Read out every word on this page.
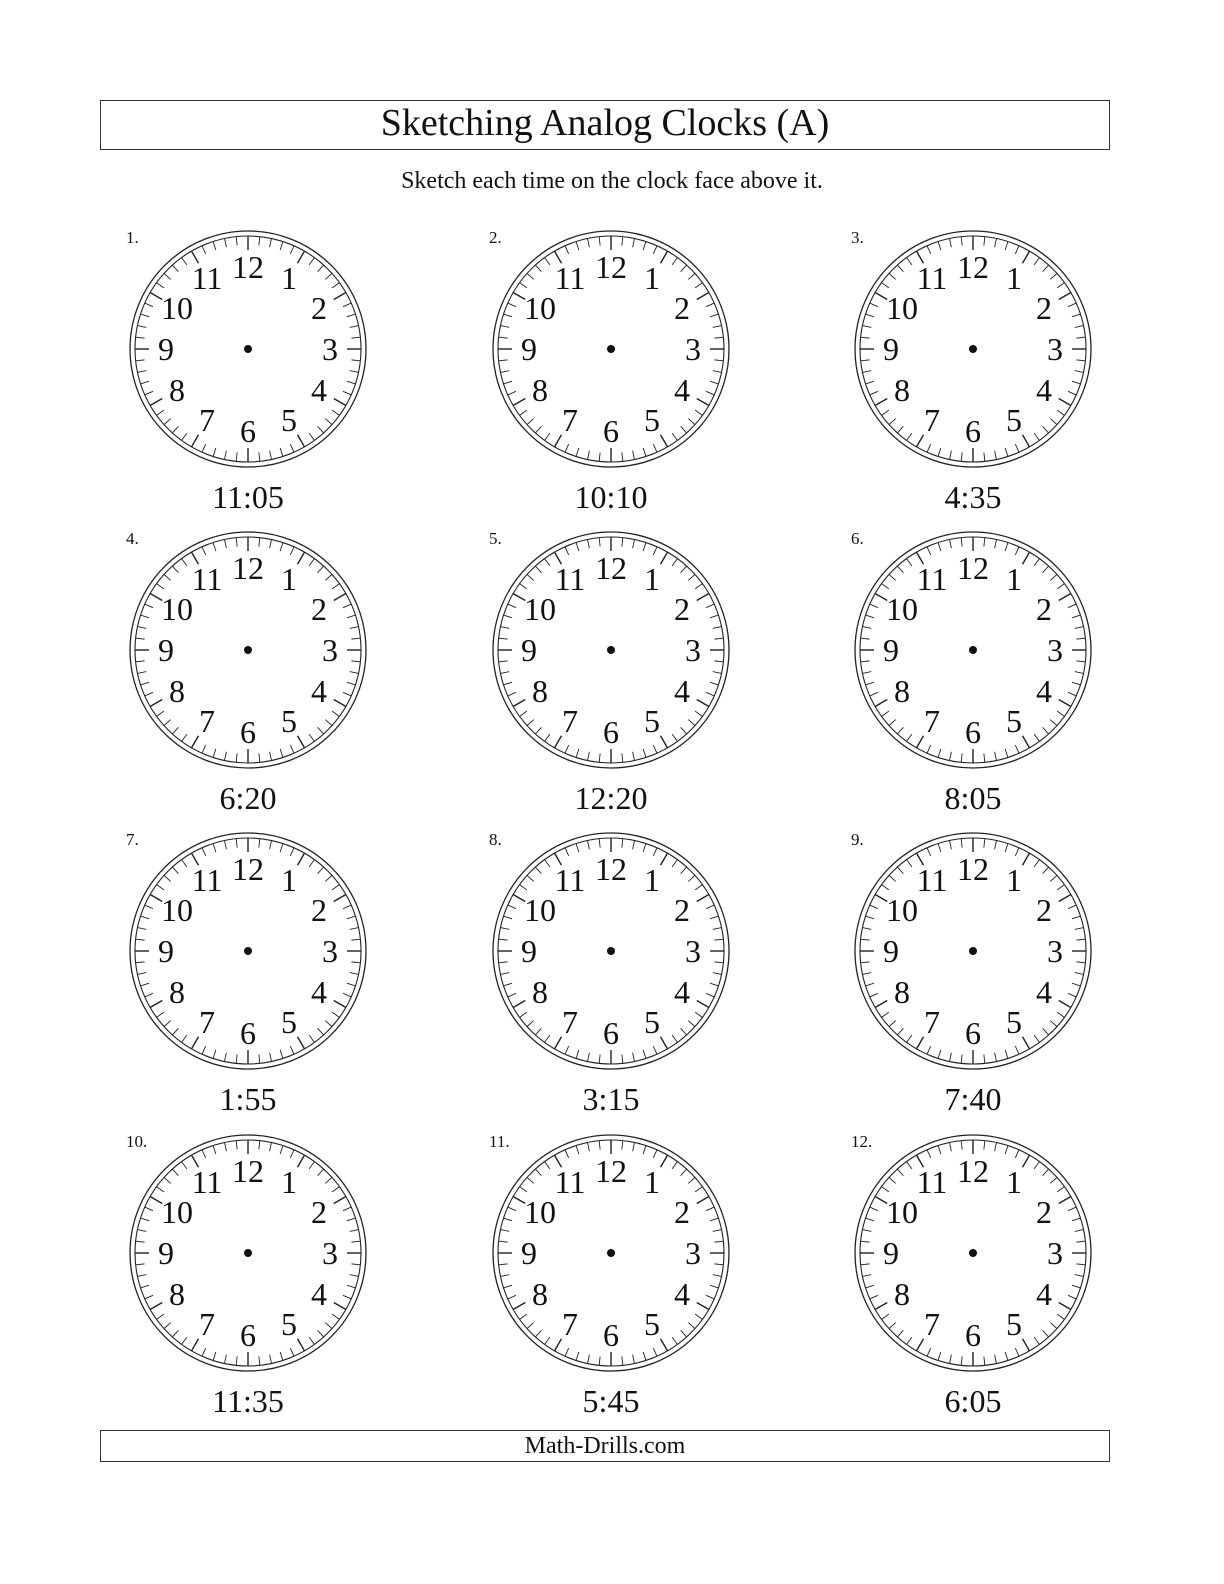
Sketching Analog Clocks (A)
Sketch each time on the clock face above it.
1.
12 1
2
3
4
5
6
7
8
9
10
11
11:05
2.
12 1
2
3
4
5
6
7
8
9
10
11
10:10
3.
12 1
2
3
4
5
6
7
8
9
10
11
4:35
4.
12 1
2
3
4
5
6
7
8
9
10
11
6:20
5.
12 1
2
3
4
5
6
7
8
9
10
11
12:20
6.
12 1
2
3
4
5
6
7
8
9
10
11
8:05
7.
12 1
2
3
4
5
6
7
8
9
10
11
1:55
8.
12 1
2
3
4
5
6
7
8
9
10
11
3:15
9.
12 1
2
3
4
5
6
7
8
9
10
11
7:40
10.
12 1
2
3
4
5
6
7
8
9
10
11
11:35
11.
12 1
2
3
4
5
6
7
8
9
10
11
5:45
12.
12 1
2
3
4
5
6
7
8
9
10
11
6:05
Math-Drills.com
